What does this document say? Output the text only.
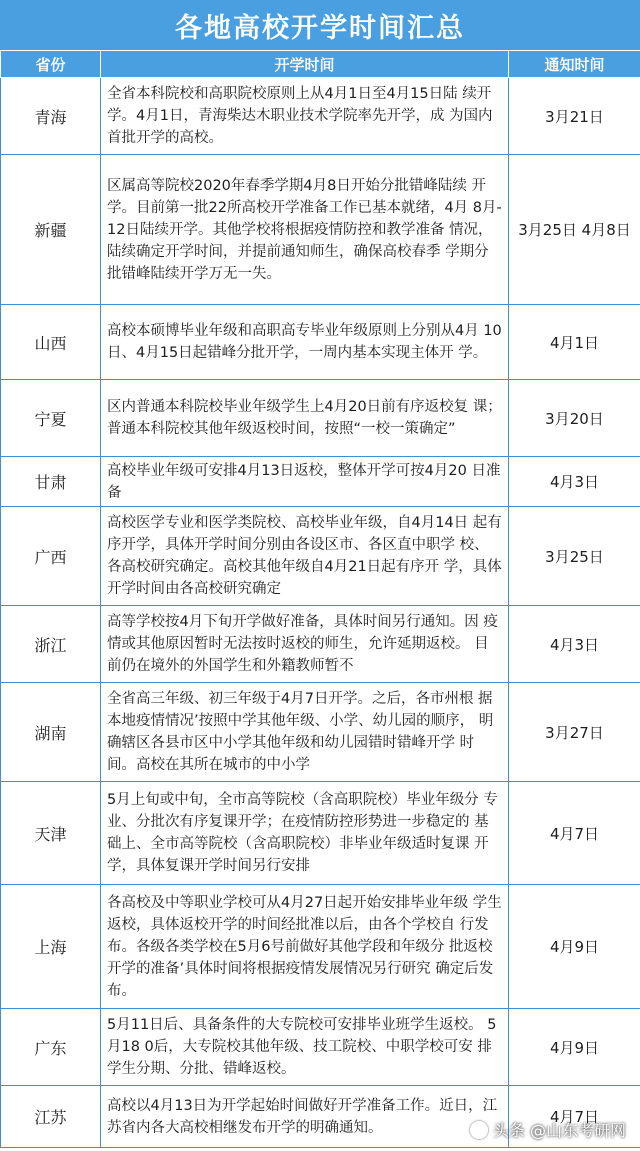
各地高校开学时间汇总
省份	开学时间	通知时间
青海	全省本科院校和高职院校原则上从4月1日至4月15日陆 续开学。4月1日，青海柴达木职业技术学院率先开学，成 为国内首批开学的高校。	3月21日
新疆	区属高等院校2020年春季学期4月8日开始分批错峰陆续 开学。目前第一批22所高校开学准备工作已基本就绪，4月 8月-12日陆续开学。其他学校将根据疫情防控和教学准备 情况，陆续确定开学时间，并提前通知师生，确保高校春季 学期分批错峰陆续开学万无一失。	3月25日 4月8日
山西	高校本硕博毕业年级和高职高专毕业年级原则上分别从4月 10日、4月15日起错峰分批开学，一周内基本实现主体开 学。	4月1日
宁夏	区内普通本科院校毕业年级学生上4月20日前有序返校复 课；普通本科院校其他年级返校时间，按照“一校一策确定”	3月20日
甘肃	高校毕业年级可安排4月13日返校，整体开学可按4月20 日准备	4月3日
广西	高校医学专业和医学类院校、高校毕业年级，自4月14日 起有序开学，具体开学时间分别由各设区市、各区直中职学 校、各高校研究确定。高校其他年级自4月21日起有序开 学，具体开学时间由各高校研究确定	3月25日
浙江	高等学校按4月下旬开学做好准备，具体时间另行通知。因 疫情或其他原因暂时无法按时返校的师生，允许延期返校。 目前仍在境外的外国学生和外籍教师暂不	4月3日
湖南	全省高三年级、初三年级于4月7日开学。之后，各市州根 据本地疫情情况’按照中学其他年级、小学、幼儿园的顺序， 明确辖区各县市区中小学其他年级和幼儿园错时错峰开学 时间。高校在其所在城市的中小学	3月27日
天津	5月上旬或中旬，全市高等院校（含高职院校）毕业年级分 专业、分批次有序复课开学；在疫情防控形势进一步稳定的 基础上、全市高等院校（含高职院校）非毕业年级适时复课 开学，具体复课开学时间另行安排	4月7日
上海	各高校及中等职业学校可从4月27日起开始安排毕业年级 学生返校，具体返校开学的时间经批准以后，由各个学校自 行发布。各级各类学校在5月6号前做好其他学段和年级分 批返校开学的准备’具体时间将根据疫情发展情况另行研究 确定后发布。	4月9日
广东	5月11日后、具备条件的大专院校可安排毕业班学生返校。 5月18 0后，大专院校其他年级、技工院校、中职学校可安 排学生分期、分批、错峰返校。	4月9日
江苏	高校以4月13日为开学起始时间做好开学准备工作。近日，江苏省内各大高校相继发布开学的明确通知。	4月7日
头条 @山东考研网
